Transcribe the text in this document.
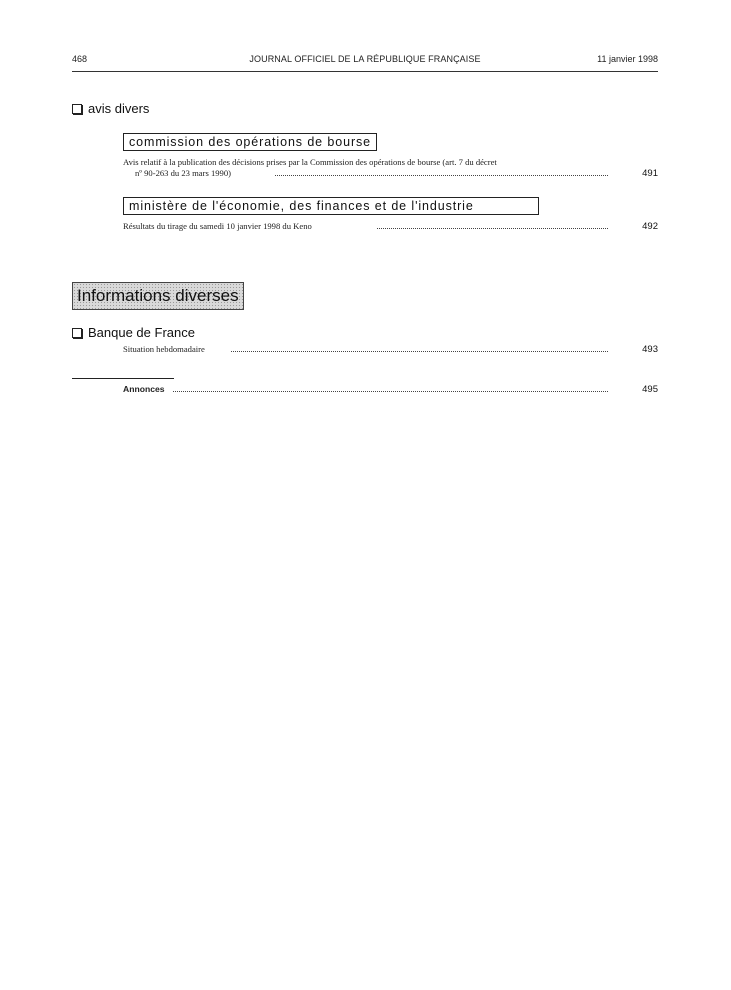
468	JOURNAL OFFICIEL DE LA RÉPUBLIQUE FRANÇAISE	11 janvier 1998
avis divers
commission des opérations de bourse
Avis relatif à la publication des décisions prises par la Commission des opérations de bourse (art. 7 du décret
nº 90-263 du 23 mars 1990)	491
ministère de l'économie, des finances et de l'industrie
Résultats du tirage du samedi 10 janvier 1998 du Keno	492
Informations diverses
Banque de France
Situation hebdomadaire	493
Annonces	495
